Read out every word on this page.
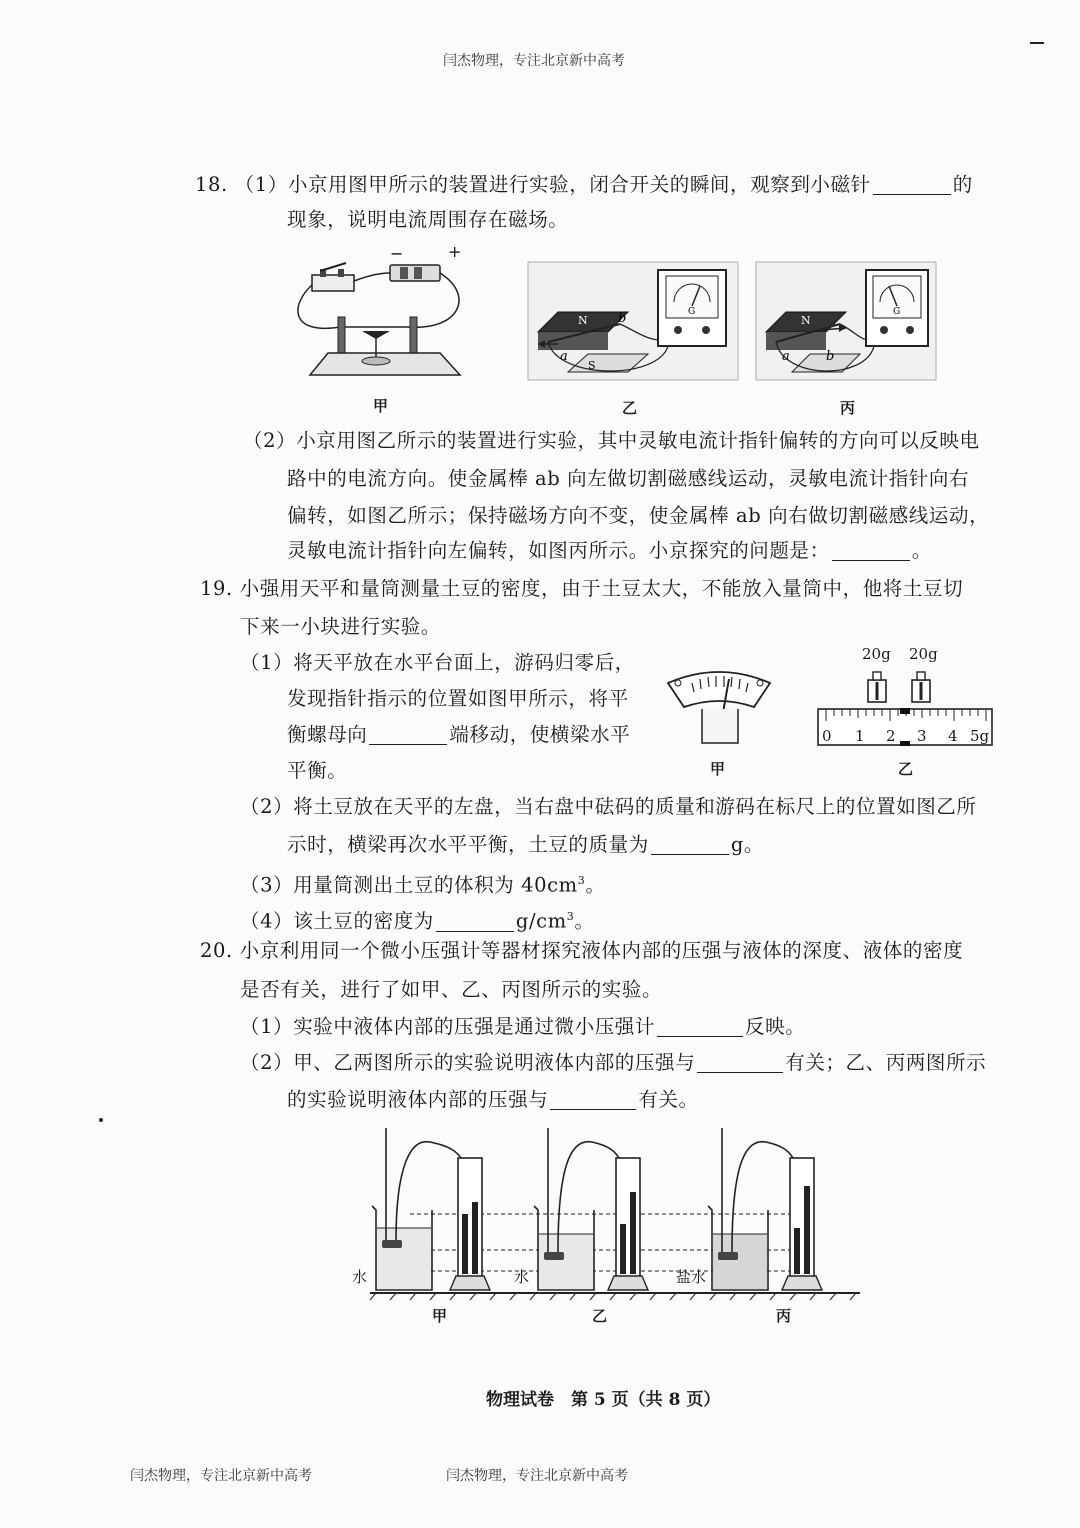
闫杰物理，专注北京新中高考
18. （1）小京用图甲所示的装置进行实验，闭合开关的瞬间，观察到小磁针	的
现象，说明电流周围存在磁场。
−	+
甲
N
S
a
b	G
乙
N
a	b
G
丙
（2）小京用图乙所示的装置进行实验，其中灵敏电流计指针偏转的方向可以反映电
路中的电流方向。使金属棒 ab 向左做切割磁感线运动，灵敏电流计指针向右
偏转，如图乙所示；保持磁场方向不变，使金属棒 ab 向右做切割磁感线运动，
灵敏电流计指针向左偏转，如图丙所示。小京探究的问题是：	。
19. 小强用天平和量筒测量土豆的密度，由于土豆太大，不能放入量筒中，他将土豆切
下来一小块进行实验。
（1）将天平放在水平台面上，游码归零后，
发现指针指示的位置如图甲所示，将平
衡螺母向	端移动，使横梁水平
平衡。	甲
20g 20g
0 1 2 3 4 5g
乙
（2）将土豆放在天平的左盘，当右盘中砝码的质量和游码在标尺上的位置如图乙所
示时，横梁再次水平平衡，土豆的质量为	g。
（3）用量筒测出土豆的体积为 $40cm^3$。
（4）该土豆的密度为	$g/cm^3$。
20. 小京利用同一个微小压强计等器材探究液体内部的压强与液体的深度、液体的密度
是否有关，进行了如甲、乙、丙图所示的实验。
（1）实验中液体内部的压强是通过微小压强计	反映。
（2）甲、乙两图所示的实验说明液体内部的压强与	有关；乙、丙两图所示
的实验说明液体内部的压强与	有关。
水	水	盐水
甲	乙	丙
物理试卷　第 5 页（共 8 页）
闫杰物理，专注北京新中高考	闫杰物理，专注北京新中高考
